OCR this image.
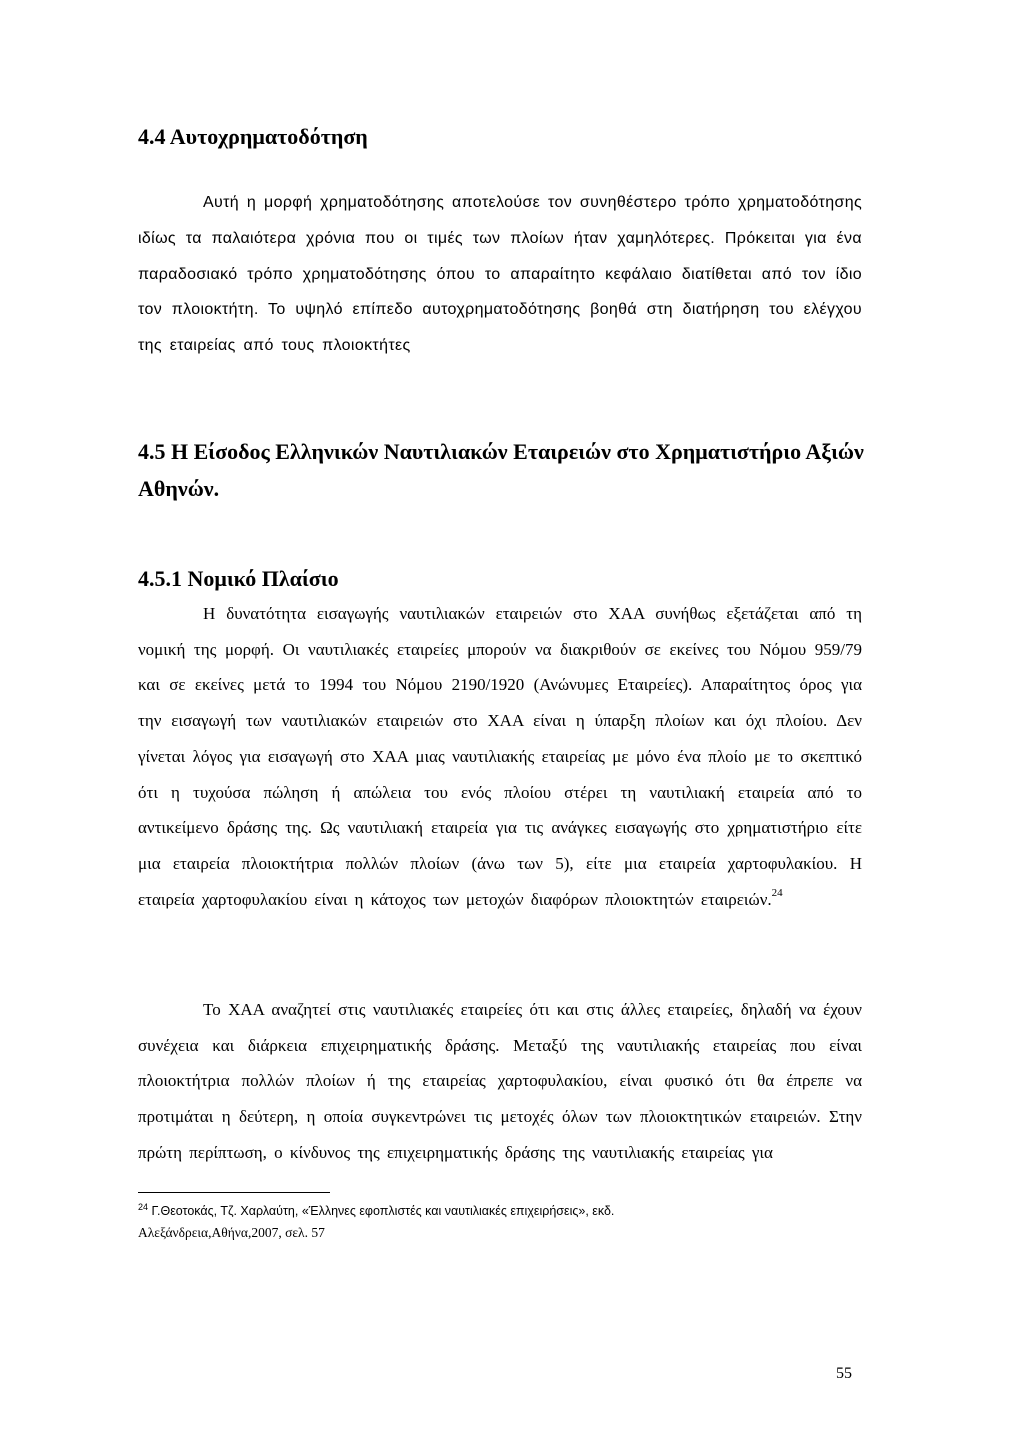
4.4 Αυτοχρηματοδότηση

Αυτή η μορφή χρηματοδότησης αποτελούσε τον συνηθέστερο τρόπο χρηματοδότησης ιδίως τα παλαιότερα χρόνια που οι τιμές των πλοίων ήταν χαμηλότερες. Πρόκειται για ένα παραδοσιακό τρόπο χρηματοδότησης όπου το απαραίτητο κεφάλαιο διατίθεται από τον ίδιο τον πλοιοκτήτη. Το υψηλό επίπεδο αυτοχρηματοδότησης βοηθά στη διατήρηση του ελέγχου της εταιρείας από τους πλοιοκτήτες

4.5 Η Είσοδος Ελληνικών Ναυτιλιακών Εταιρειών στο Χρηματιστήριο Αξιών Αθηνών.
4.5.1 Νομικό Πλαίσιο

Η δυνατότητα εισαγωγής ναυτιλιακών εταιρειών στο ΧΑΑ συνήθως εξετάζεται από τη νομική της μορφή. Οι ναυτιλιακές εταιρείες μπορούν να διακριθούν σε εκείνες του Νόμου 959/79 και σε εκείνες μετά το 1994 του Νόμου 2190/1920 (Ανώνυμες Εταιρείες). Απαραίτητος όρος για την εισαγωγή των ναυτιλιακών εταιρειών στο ΧΑΑ είναι η ύπαρξη πλοίων και όχι πλοίου. Δεν γίνεται λόγος για εισαγωγή στο ΧΑΑ μιας ναυτιλιακής εταιρείας με μόνο ένα πλοίο με το σκεπτικό ότι η τυχούσα πώληση ή απώλεια του ενός πλοίου στέρει τη ναυτιλιακή εταιρεία από το αντικείμενο δράσης της. Ως ναυτιλιακή εταιρεία για τις ανάγκες εισαγωγής στο χρηματιστήριο είτε μια εταιρεία πλοιοκτήτρια πολλών πλοίων (άνω των 5), είτε μια εταιρεία χαρτοφυλακίου. Η εταιρεία χαρτοφυλακίου είναι η κάτοχος των μετοχών διαφόρων πλοιοκτητών εταιρειών.$^{24}$

Το ΧΑΑ αναζητεί στις ναυτιλιακές εταιρείες ότι και στις άλλες εταιρείες, δηλαδή να έχουν συνέχεια και διάρκεια επιχειρηματικής δράσης. Μεταξύ της ναυτιλιακής εταιρείας που είναι πλοιοκτήτρια πολλών πλοίων ή της εταιρείας χαρτοφυλακίου, είναι φυσικό ότι θα έπρεπε να προτιμάται η δεύτερη, η οποία συγκεντρώνει τις μετοχές όλων των πλοιοκτητικών εταιρειών. Στην πρώτη περίπτωση, ο κίνδυνος της επιχειρηματικής δράσης της ναυτιλιακής εταιρείας για

$^{24}$ Γ.Θεοτοκάς, Τζ. Χαρλαύτη, «Έλληνες εφοπλιστές και ναυτιλιακές επιχειρήσεις», εκδ.
Αλεξάνδρεια,Αθήνα,2007, σελ. 57

55
